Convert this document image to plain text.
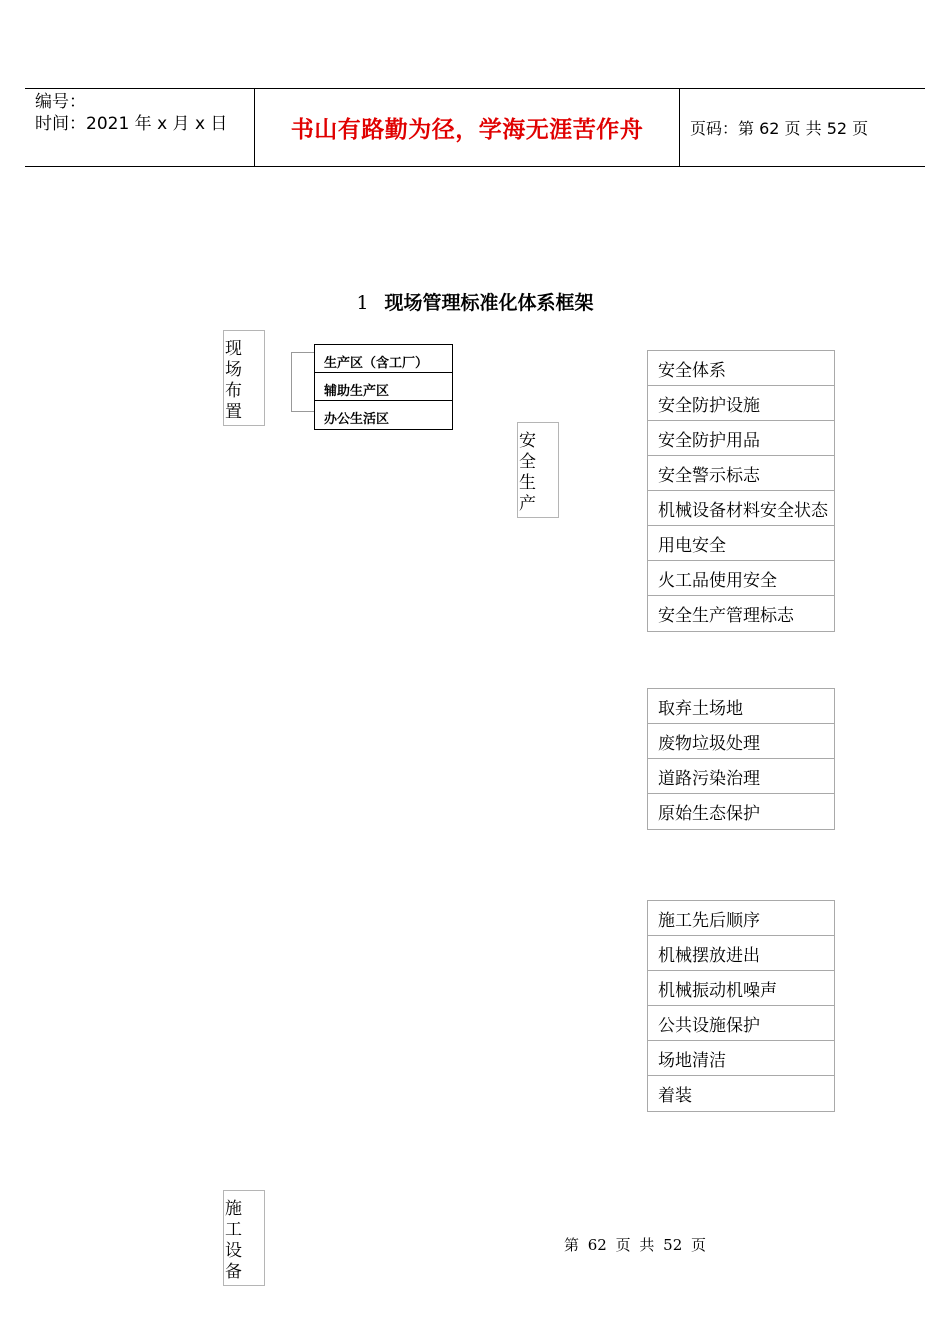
编号：
时间：2021 年 x 月 x 日	书山有路勤为径，学海无涯苦作舟	页码：第 62 页 共 52 页
1 现场管理标准化体系框架
现
场
布
置
生产区（含工厂）
辅助生产区
办公生活区
安
全
生
产
安全体系
安全防护设施
安全防护用品
安全警示标志
机械设备材料安全状态
用电安全
火工品使用安全
安全生产管理标志
取弃土场地
废物垃圾处理
道路污染治理
原始生态保护
施工先后顺序
机械摆放进出
机械振动机噪声
公共设施保护
场地清洁
着装
施
工
设
备
第 62 页 共 52 页
